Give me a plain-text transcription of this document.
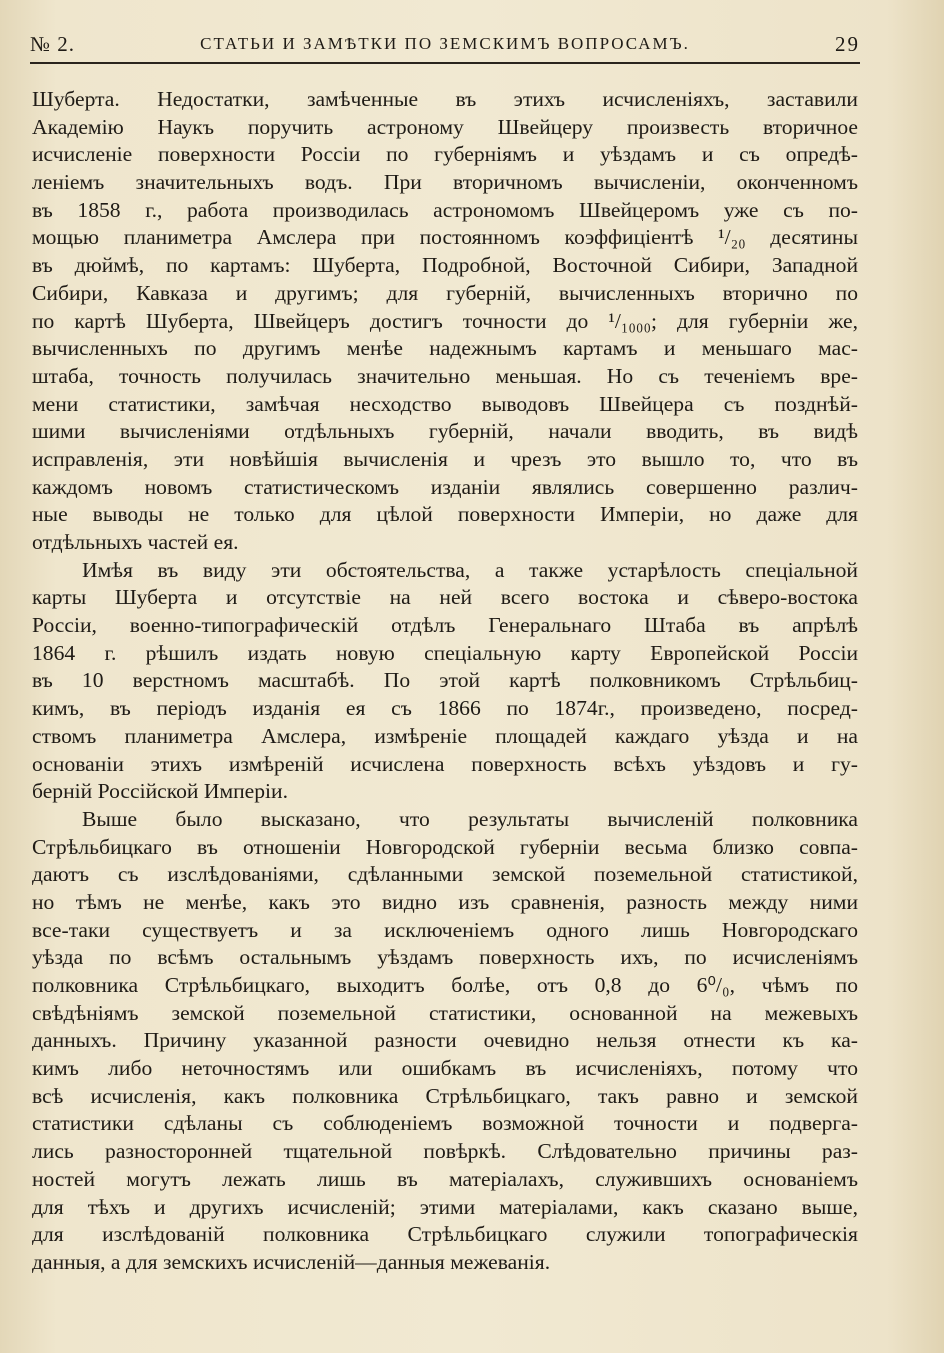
№ 2.	СТАТЬИ И ЗАМѢТКИ ПО ЗЕМСКИМЪ ВОПРОСАМЪ.	29
Шуберта. Недостатки, замѣченные въ этихъ исчисленіяхъ, заставили
Академію Наукъ поручить астроному Швейцеру произвесть вторичное
исчисленіе поверхности Россіи по губерніямъ и уѣздамъ и съ опредѣ-
леніемъ значительныхъ водъ. При вторичномъ вычисленіи, оконченномъ
въ 1858 г., работа производилась астрономомъ Швейцеромъ уже съ по-
мощью планиметра Амслера при постоянномъ коэффиціентѣ ¹/₂₀ десятины
въ дюймѣ, по картамъ: Шуберта, Подробной, Восточной Сибири, Западной
Сибири, Кавказа и другимъ; для губерній, вычисленныхъ вторично по
по картѣ Шуберта, Швейцеръ достигъ точности до ¹/₁₀₀₀; для губерніи же,
вычисленныхъ по другимъ менѣе надежнымъ картамъ и меньшаго мас-
штаба, точность получилась значительно меньшая. Но съ теченіемъ вре-
мени статистики, замѣчая несходство выводовъ Швейцера съ позднѣй-
шими вычисленіями отдѣльныхъ губерній, начали вводить, въ видѣ
исправленія, эти новѣйшія вычисленія и чрезъ это вышло то, что въ
каждомъ новомъ статистическомъ изданіи являлись совершенно различ-
ные выводы не только для цѣлой поверхности Имперіи, но даже для
отдѣльныхъ частей ея.
Имѣя въ виду эти обстоятельства, а также устарѣлость спеціальной
карты Шуберта и отсутствіе на ней всего востока и сѣверо-востока
Россіи, военно-типографическій отдѣлъ Генеральнаго Штаба въ апрѣлѣ
1864 г. рѣшилъ издать новую спеціальную карту Европейской Россіи
въ 10 верстномъ масштабѣ. По этой картѣ полковникомъ Стрѣльбиц-
кимъ, въ періодъ изданія ея съ 1866 по 1874г., произведено, посред-
ствомъ планиметра Амслера, измѣреніе площадей каждаго уѣзда и на
основаніи этихъ измѣреній исчислена поверхность всѣхъ уѣздовъ и гу-
берній Россійской Имперіи.
Выше было высказано, что результаты вычисленій полковника
Стрѣльбицкаго въ отношеніи Новгородской губерніи весьма близко совпа-
даютъ съ изслѣдованіями, сдѣланными земской поземельной статистикой,
но тѣмъ не менѣе, какъ это видно изъ сравненія, разность между ними
все-таки существуетъ и за исключеніемъ одного лишь Новгородскаго
уѣзда по всѣмъ остальнымъ уѣздамъ поверхность ихъ, по исчисленіямъ
полковника Стрѣльбицкаго, выходитъ болѣе, отъ 0,8 до 6⁰/₀, чѣмъ по
свѣдѣніямъ земской поземельной статистики, основанной на межевыхъ
данныхъ. Причину указанной разности очевидно нельзя отнести къ ка-
кимъ либо неточностямъ или ошибкамъ въ исчисленіяхъ, потому что
всѣ исчисленія, какъ полковника Стрѣльбицкаго, такъ равно и земской
статистики сдѣланы съ соблюденіемъ возможной точности и подверга-
лись разносторонней тщательной повѣркѣ. Слѣдовательно причины раз-
ностей могутъ лежать лишь въ матеріалахъ, служившихъ основаніемъ
для тѣхъ и другихъ исчисленій; этими матеріалами, какъ сказано выше,
для изслѣдованій полковника Стрѣльбицкаго служили топографическія
данныя, а для земскихъ исчисленій—данныя межеванія.
